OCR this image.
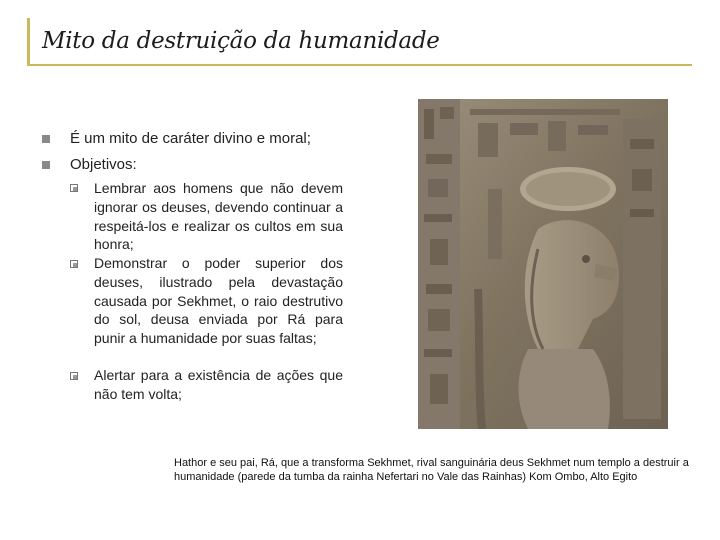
Mito da destruição da humanidade
É um mito de caráter divino e moral;
Objetivos:
Lembrar aos homens que não devem ignorar os deuses, devendo continuar a respeitá-los e realizar os cultos em sua honra;
Demonstrar o poder superior dos deuses, ilustrado pela devastação causada por Sekhmet, o raio destrutivo do sol, deusa enviada por Rá para punir a humanidade por suas faltas;
Alertar para a existência de ações que não tem volta;
Hathor e seu pai, Rá, que a transforma Sekhmet, rival sanguinária deus Sekhmet num templo a destruir a
humanidade (parede da tumba da rainha Nefertari no Vale das Rainhas) Kom Ombo, Alto Egito
